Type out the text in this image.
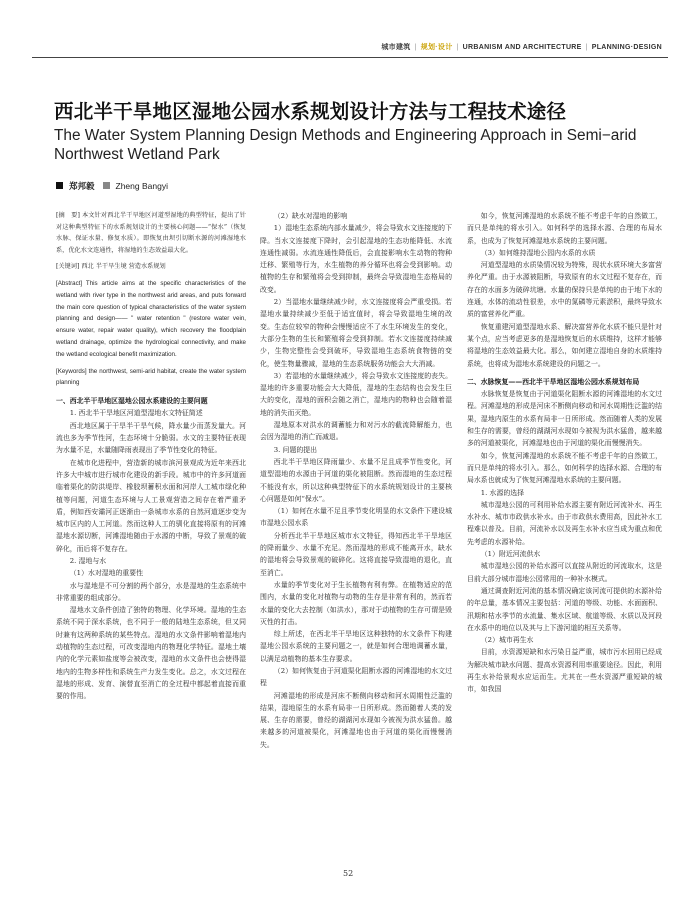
城市建筑 | 规划·设计 | URBANISM AND ARCHITECTURE | PLANNING·DESIGN
西北半干旱地区湿地公园水系规划设计方法与工程技术途径
The Water System Planning Design Methods and Engineering Approach in Semi−arid Northwest Wetland Park
郑邦毅 Zheng Bangyi

[摘　要] 本文针对西北半干旱地区河道型湿地的典型特征，提出了针对这种典型特征下的水系规划设计的主要核心问题——“保水”（恢复水脉、保证水量、修复水质）。即恢复由坝引切断水源的河滩湿地水系，优化水文连通性，将湿地的生态效益最大化。

[关键词] 西北 半干旱生境 营造水系规划

[Abstract] This article aims at the specific characteristics of the wetland with river type in the northwest arid areas, and puts forward the main core question of typical characteristics of the water system planning and design—— " water retention " (restore water vein, ensure water, repair water quality), which recovery the floodplain wetland drainage, optimize the hydrological connectivity, and make the wetland ecological benefit maximization.

[Keywords] the northwest, semi-arid habitat, create the water system planning

一、西北半干旱地区湿地公园水系建设的主要问题

1. 西北半干旱地区河道型湿地水文特征简述

西北地区属于干旱半干旱气候，降水量少而蒸发量大。河流也多为季节性河，生态环境十分脆弱。水文的主要特征表现为水量不足，水量随降雨表现出了季节性变化的特征。

在城市化进程中，营造新的城市滨河景观成为近年来西北许多大中城市进行城市化建设的新手段。城市中的许多河道面临着渠化的防洪堤岸、橡胶坝蓄积水面和河岸人工城市绿化种植等问题，河道生态环境与人工景观营造之间存在着严重矛盾，例如西安灞河正逐渐由一条城市水系的自然河道逐步变为城市区内的人工河道。然而这种人工的驯化直接将原有的河滩湿地水源切断，河滩湿地随由于水源的中断，导致了景观的破碎化，而后将不复存在。

2. 湿地与水

（1）水对湿地的重要性

水与湿地是不可分割的两个部分，水是湿地的生态系统中非常重要的组成部分。

湿地水文条件创造了独特的物理、化学环境。湿地的生态系统不同于深水系统，也不同于一般的陆地生态系统，但又同时兼有这两种系统的某些特点。湿地的水文条件影响着湿地内动植物的生态过程，可改变湿地内的物理化学特征。湿地土壤内的化学元素如盐度等会被改变，湿地的水文条件也会使得湿地内的生物多样性和系统生产力发生变化。总之，水文过程在湿地的形成、发育、演替直至消亡的全过程中都起着直接而重要的作用。

（2）缺水对湿地的影响

1）湿地生态系统内部水量减少，将会导致水文连接度的下降。当水文连接度下降时，会引起湿地的生态功能降低、水流连通性减弱。水流连通性降低后，会直接影响水生动物的物种迁移、繁殖等行为，水生植物的养分循环也将会受到影响。动植物的生存和繁殖将会受到抑制，最终会导致湿地生态格局的改变。

2）当湿地水量继续减少时，水文连接度将会严重受损。若湿地水量持续减少至低于适宜值时，将会导致湿地生境的改变。生态位较窄的物种会慢慢适应不了水生环境发生的变化，大部分生物的生长和繁殖将会受到抑制。若水文连接度持续减少，生物完整性会受到破坏，导致湿地生态系统食物链的变化，使生物量骤减，湿地的生态系统服务功能会大大消减。

3）若湿地的水量继续减少，将会导致水文连接度的丧失。湿地的许多重要功能会大大降低，湿地的生态结构也会发生巨大的变化，湿地的面积会随之消亡，湿地内的物种也会随着湿地的消失而灭绝。

湿地原本对洪水的调蓄能力和对污水的截流降解能力，也会因为湿地的消亡而减退。

3. 问题的提出

西北半干旱地区降雨量少、水量不足且成季节性变化，河道型湿地的水源由于河道的渠化被阻断。然而湿地的生态过程不能没有水，所以这种典型特征下的水系统规划设计的主要核心问题是如何“保水”。

（1）如何在水量不足且季节变化明显的水文条件下建设城市湿地公园水系

分析西北半干旱地区城市水文特征，得知西北半干旱地区的降雨量少、水量不充足。然而湿地的形成不能离开水，缺水的湿地将会导致景观的破碎化。这将直接导致湿地的退化，直至消亡。

水量的季节变化对于生长植物有利有弊。在植物适应的范围内，水量的变化对植物与动物的生存是非常有利的，然而若水量的变化大去控制（如洪水），那对于动植物的生存可谓是毁灭性的打击。

综上所述，在西北半干旱地区这种独特的水文条件下构建湿地公园水系统的主要问题之一，就是如何合理地调蓄水量，以满足动植物的基本生存要求。

（2）如何恢复由于河道渠化阻断水源的河滩湿地的水文过程

河滩湿地的形成是河床不断侧向移动和河水周期性泛滥的结果，湿地原生的水系有局非一日所形成。然而随着人类的发展、生存的需要，曾经的湖湖河水现如今被视为洪水猛兽。越来越多的河道被渠化，河滩湿地也由于河道的渠化而慢慢消失。

如今，恢复河滩湿地的水系统不能不考虑千年的自然做工，而只是单纯的将水引入。如何科学的选择水源、合理的布局水系，也成为了恢复河滩湿地水系统的主要问题。

（3）如何维持湿地公园内水系的水质

河道型湿地的水质染情况较为特殊，现状水质环境大多富营养化严重。由于水源被阻断，导致原有的水文过程不复存在，而存在的水面多为破碎坑塘。水量的保持只是单纯的由于地下水的连通，水体的流动性很差，水中的氮磷等元素淤积，最终导致水质的富营养化严重。

恢复重建河道型湿地水系、解决富营养化水质不能只是针对某个点，应当考虑更多的是湿地恢复后的水质维持，这样才能够将湿地的生态效益最大化。那么，如何建立湿地自身的水质维持系统，也将成为湿地水系统建设的问题之一。

二、水脉恢复——西北半干旱地区湿地公园水系规划布局

水脉恢复是恢复由于河道渠化阻断水源的河滩湿地的水文过程。河滩湿地的形成是河床不断侧向移动和河水周期性泛滥的结果，湿地内原生的水系有局非一日所形成。然而随着人类的发展和生存的需要，曾经的湖湖河水现如今被视为洪水猛兽，越来越多的河道被渠化，河滩湿地也由于河道的渠化而慢慢消失。

如今，恢复河滩湿地的水系统不能不考虑千年的自然做工，而只是单纯的将水引入。那么，如何科学的选择水源、合理的布局水系也就成为了恢复河滩湿地水系统的主要问题。

1. 水源的选择

城市湿地公园的可利用补给水源主要有附近河流补水、再生水补水、城市市政供水补水。由于市政供水费用高，因此补水工程难以普及。目前，河流补水以及再生水补水应当成为重点和优先考虑的水源补给。

（1）附近河流供水

城市湿地公园的补给水源可以直接从附近的河流取水，这是目前大部分城市湿地公园常用的一种补水模式。

通过调查附近河流的基本情况确定该河流可提供的水源补给的年总量，基本情况主要包括：河道的等级、功能、水面面积、汛期和枯水季节的水流量、集水区域、航道等级、水质以及河段在水系中的地位以及其与上下游河道的相互关系等。

（2）城市再生水

目前，水资源短缺和水污染日益严重，城市污水回用已经成为解决城市缺水问题、提高水资源利用率重要途径。因此，利用再生水补给景观水应运而生。尤其在一些水资源严重短缺的城市，如我国

52
